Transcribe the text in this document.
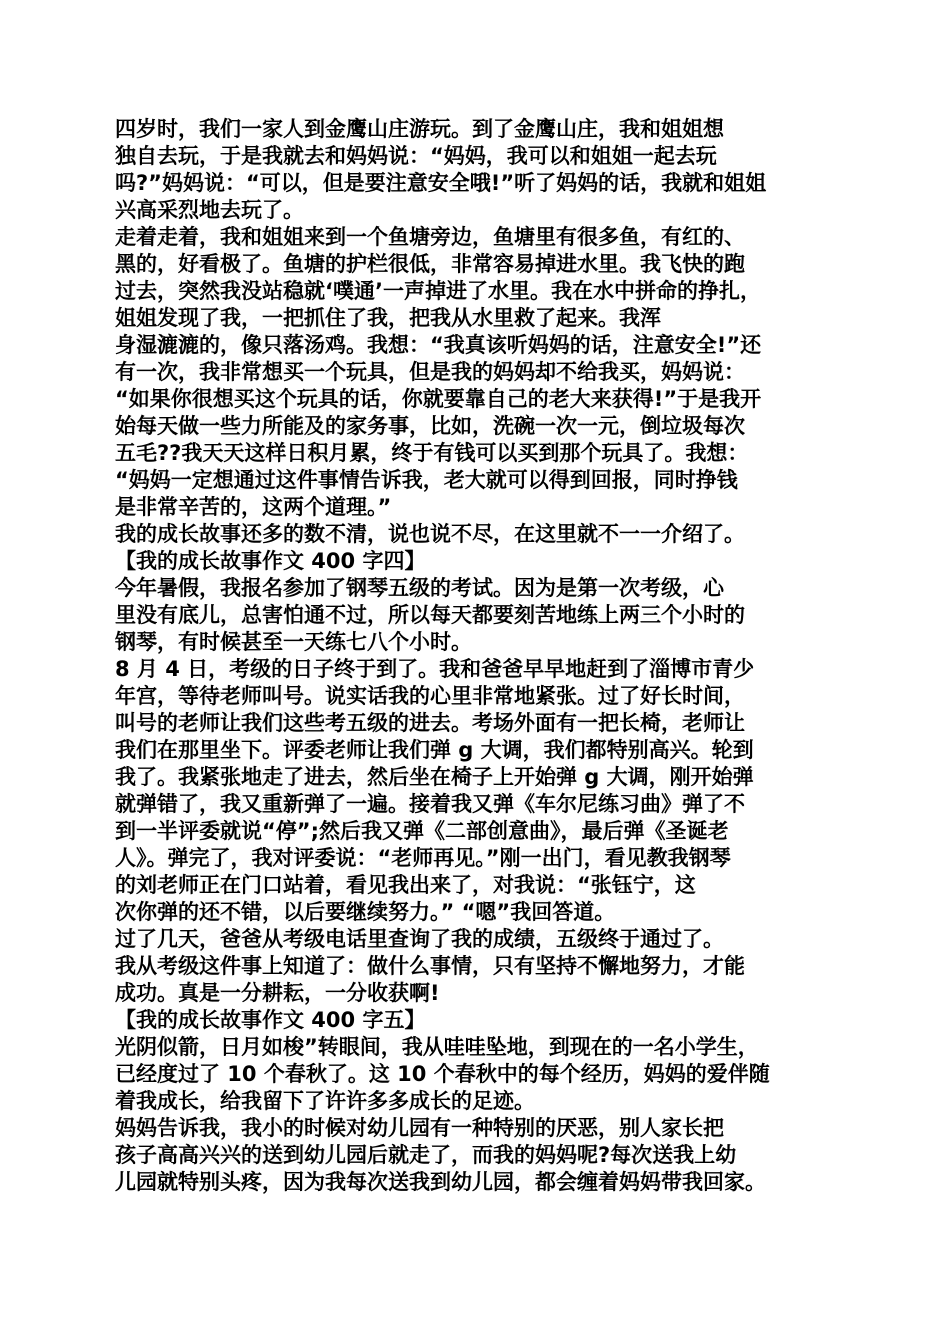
四岁时，我们一家人到金鹰山庄游玩。到了金鹰山庄，我和姐姐想
独自去玩，于是我就去和妈妈说：“妈妈，我可以和姐姐一起去玩
吗?”妈妈说：“可以，但是要注意安全哦!”听了妈妈的话，我就和姐姐
兴高采烈地去玩了。
走着走着，我和姐姐来到一个鱼塘旁边，鱼塘里有很多鱼，有红的、
黑的，好看极了。鱼塘的护栏很低，非常容易掉进水里。我飞快的跑
过去，突然我没站稳就‘噗通’一声掉进了水里。我在水中拼命的挣扎，
姐姐发现了我，一把抓住了我，把我从水里救了起来。我浑
身湿漉漉的，像只落汤鸡。我想：“我真该听妈妈的话，注意安全!”还
有一次，我非常想买一个玩具，但是我的妈妈却不给我买，妈妈说：
“如果你很想买这个玩具的话，你就要靠自己的老大来获得!”于是我开
始每天做一些力所能及的家务事，比如，洗碗一次一元，倒垃圾每次
五毛??我天天这样日积月累，终于有钱可以买到那个玩具了。我想：
“妈妈一定想通过这件事情告诉我，老大就可以得到回报，同时挣钱
是非常辛苦的，这两个道理。”
我的成长故事还多的数不清，说也说不尽，在这里就不一一介绍了。
【我的成长故事作文 400 字四】
今年暑假，我报名参加了钢琴五级的考试。因为是第一次考级，心
里没有底儿，总害怕通不过，所以每天都要刻苦地练上两三个小时的
钢琴，有时候甚至一天练七八个小时。
8 月 4 日，考级的日子终于到了。我和爸爸早早地赶到了淄博市青少
年宫，等待老师叫号。说实话我的心里非常地紧张。过了好长时间，
叫号的老师让我们这些考五级的进去。考场外面有一把长椅，老师让
我们在那里坐下。评委老师让我们弹 g 大调，我们都特别高兴。轮到
我了。我紧张地走了进去，然后坐在椅子上开始弹 g 大调，刚开始弹
就弹错了，我又重新弹了一遍。接着我又弹《车尔尼练习曲》弹了不
到一半评委就说“停”;然后我又弹《二部创意曲》，最后弹《圣诞老
人》。弹完了，我对评委说：“老师再见。”刚一出门，看见教我钢琴
的刘老师正在门口站着，看见我出来了，对我说：“张钰宁，这
次你弹的还不错，以后要继续努力。” “嗯”我回答道。
过了几天，爸爸从考级电话里查询了我的成绩，五级终于通过了。
我从考级这件事上知道了：做什么事情，只有坚持不懈地努力，才能
成功。真是一分耕耘，一分收获啊!
【我的成长故事作文 400 字五】
光阴似箭，日月如梭”转眼间，我从哇哇坠地，到现在的一名小学生，
已经度过了 10 个春秋了。这 10 个春秋中的每个经历，妈妈的爱伴随
着我成长，给我留下了许许多多成长的足迹。
妈妈告诉我，我小的时候对幼儿园有一种特别的厌恶，别人家长把
孩子高高兴兴的送到幼儿园后就走了，而我的妈妈呢?每次送我上幼
儿园就特别头疼，因为我每次送我到幼儿园，都会缠着妈妈带我回家。
